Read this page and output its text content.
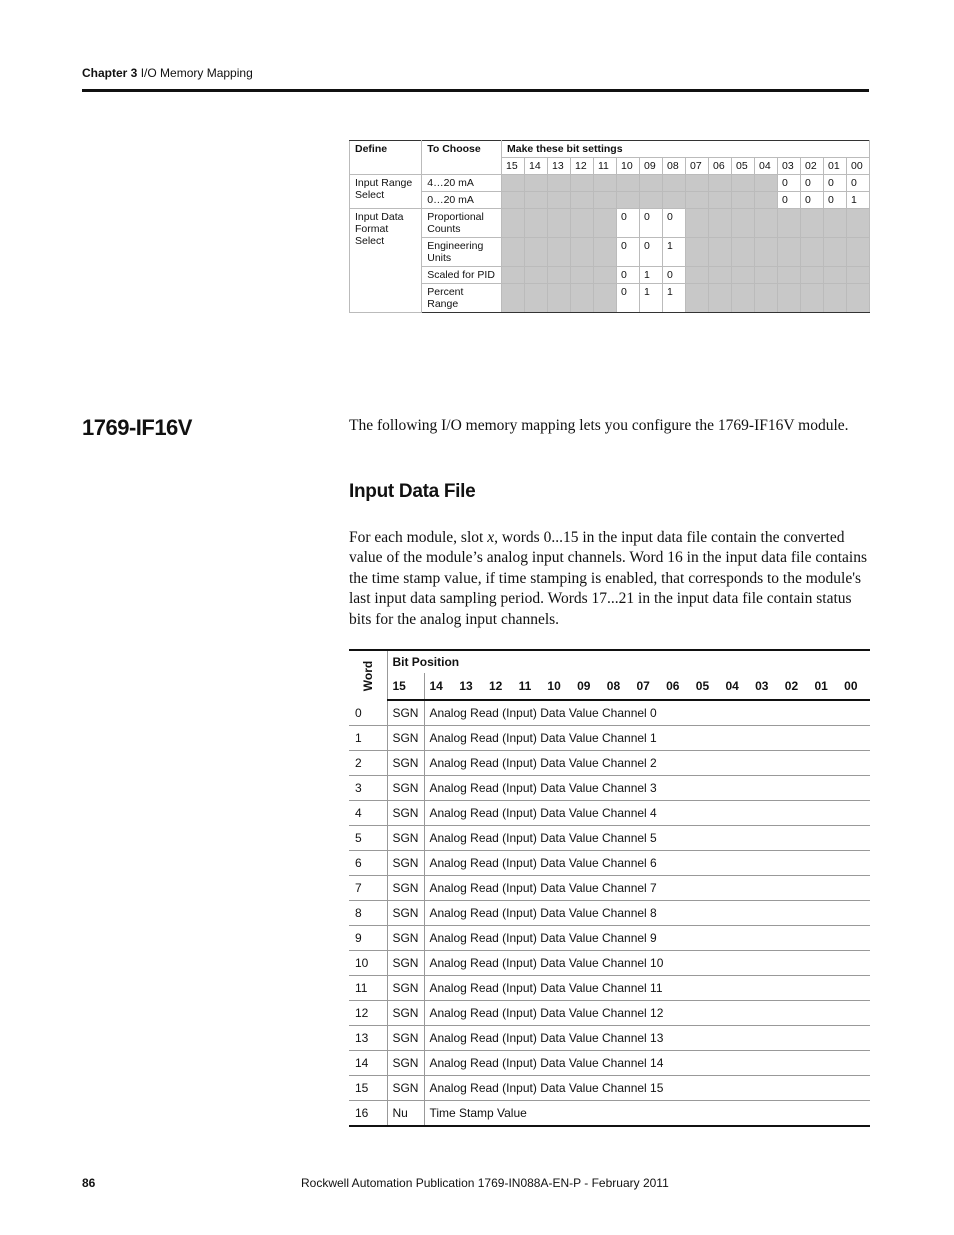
Chapter 3 I/O Memory Mapping
Define	To Choose	Make these bit settings															
		15	14	13	12	11	10	09	08	07	06	05	04	03	02	01	00
Input Range Select	4…20 mA													0	0	0	0
	0…20 mA													0	0	0	1
Input Data Format Select	Proportional Counts						0	0	0								
	Engineering Units						0	0	1								
	Scaled for PID						0	1	0								
	Percent Range						0	1	1								
1769-IF16V	The following I/O memory mapping lets you configure the 1769-IF16V module.
Input Data File
For each module, slot x, words 0...15 in the input data file contain the converted value of the module’s analog input channels. Word 16 in the input data file contains the time stamp value, if time stamping is enabled, that corresponds to the module's last input data sampling period. Words 17...21 in the input data file contain status bits for the analog input channels.
Word	Bit Position															
	15	14	13	12	11	10	09	08	07	06	05	04	03	02	01	00
0	SGN	Analog Read (Input) Data Value Channel 0														
1	SGN	Analog Read (Input) Data Value Channel 1														
2	SGN	Analog Read (Input) Data Value Channel 2														
3	SGN	Analog Read (Input) Data Value Channel 3														
4	SGN	Analog Read (Input) Data Value Channel 4														
5	SGN	Analog Read (Input) Data Value Channel 5														
6	SGN	Analog Read (Input) Data Value Channel 6														
7	SGN	Analog Read (Input) Data Value Channel 7														
8	SGN	Analog Read (Input) Data Value Channel 8														
9	SGN	Analog Read (Input) Data Value Channel 9														
10	SGN	Analog Read (Input) Data Value Channel 10														
11	SGN	Analog Read (Input) Data Value Channel 11														
12	SGN	Analog Read (Input) Data Value Channel 12														
13	SGN	Analog Read (Input) Data Value Channel 13														
14	SGN	Analog Read (Input) Data Value Channel 14														
15	SGN	Analog Read (Input) Data Value Channel 15														
16	Nu	Time Stamp Value														
86	Rockwell Automation Publication 1769-IN088A-EN-P - February 2011
